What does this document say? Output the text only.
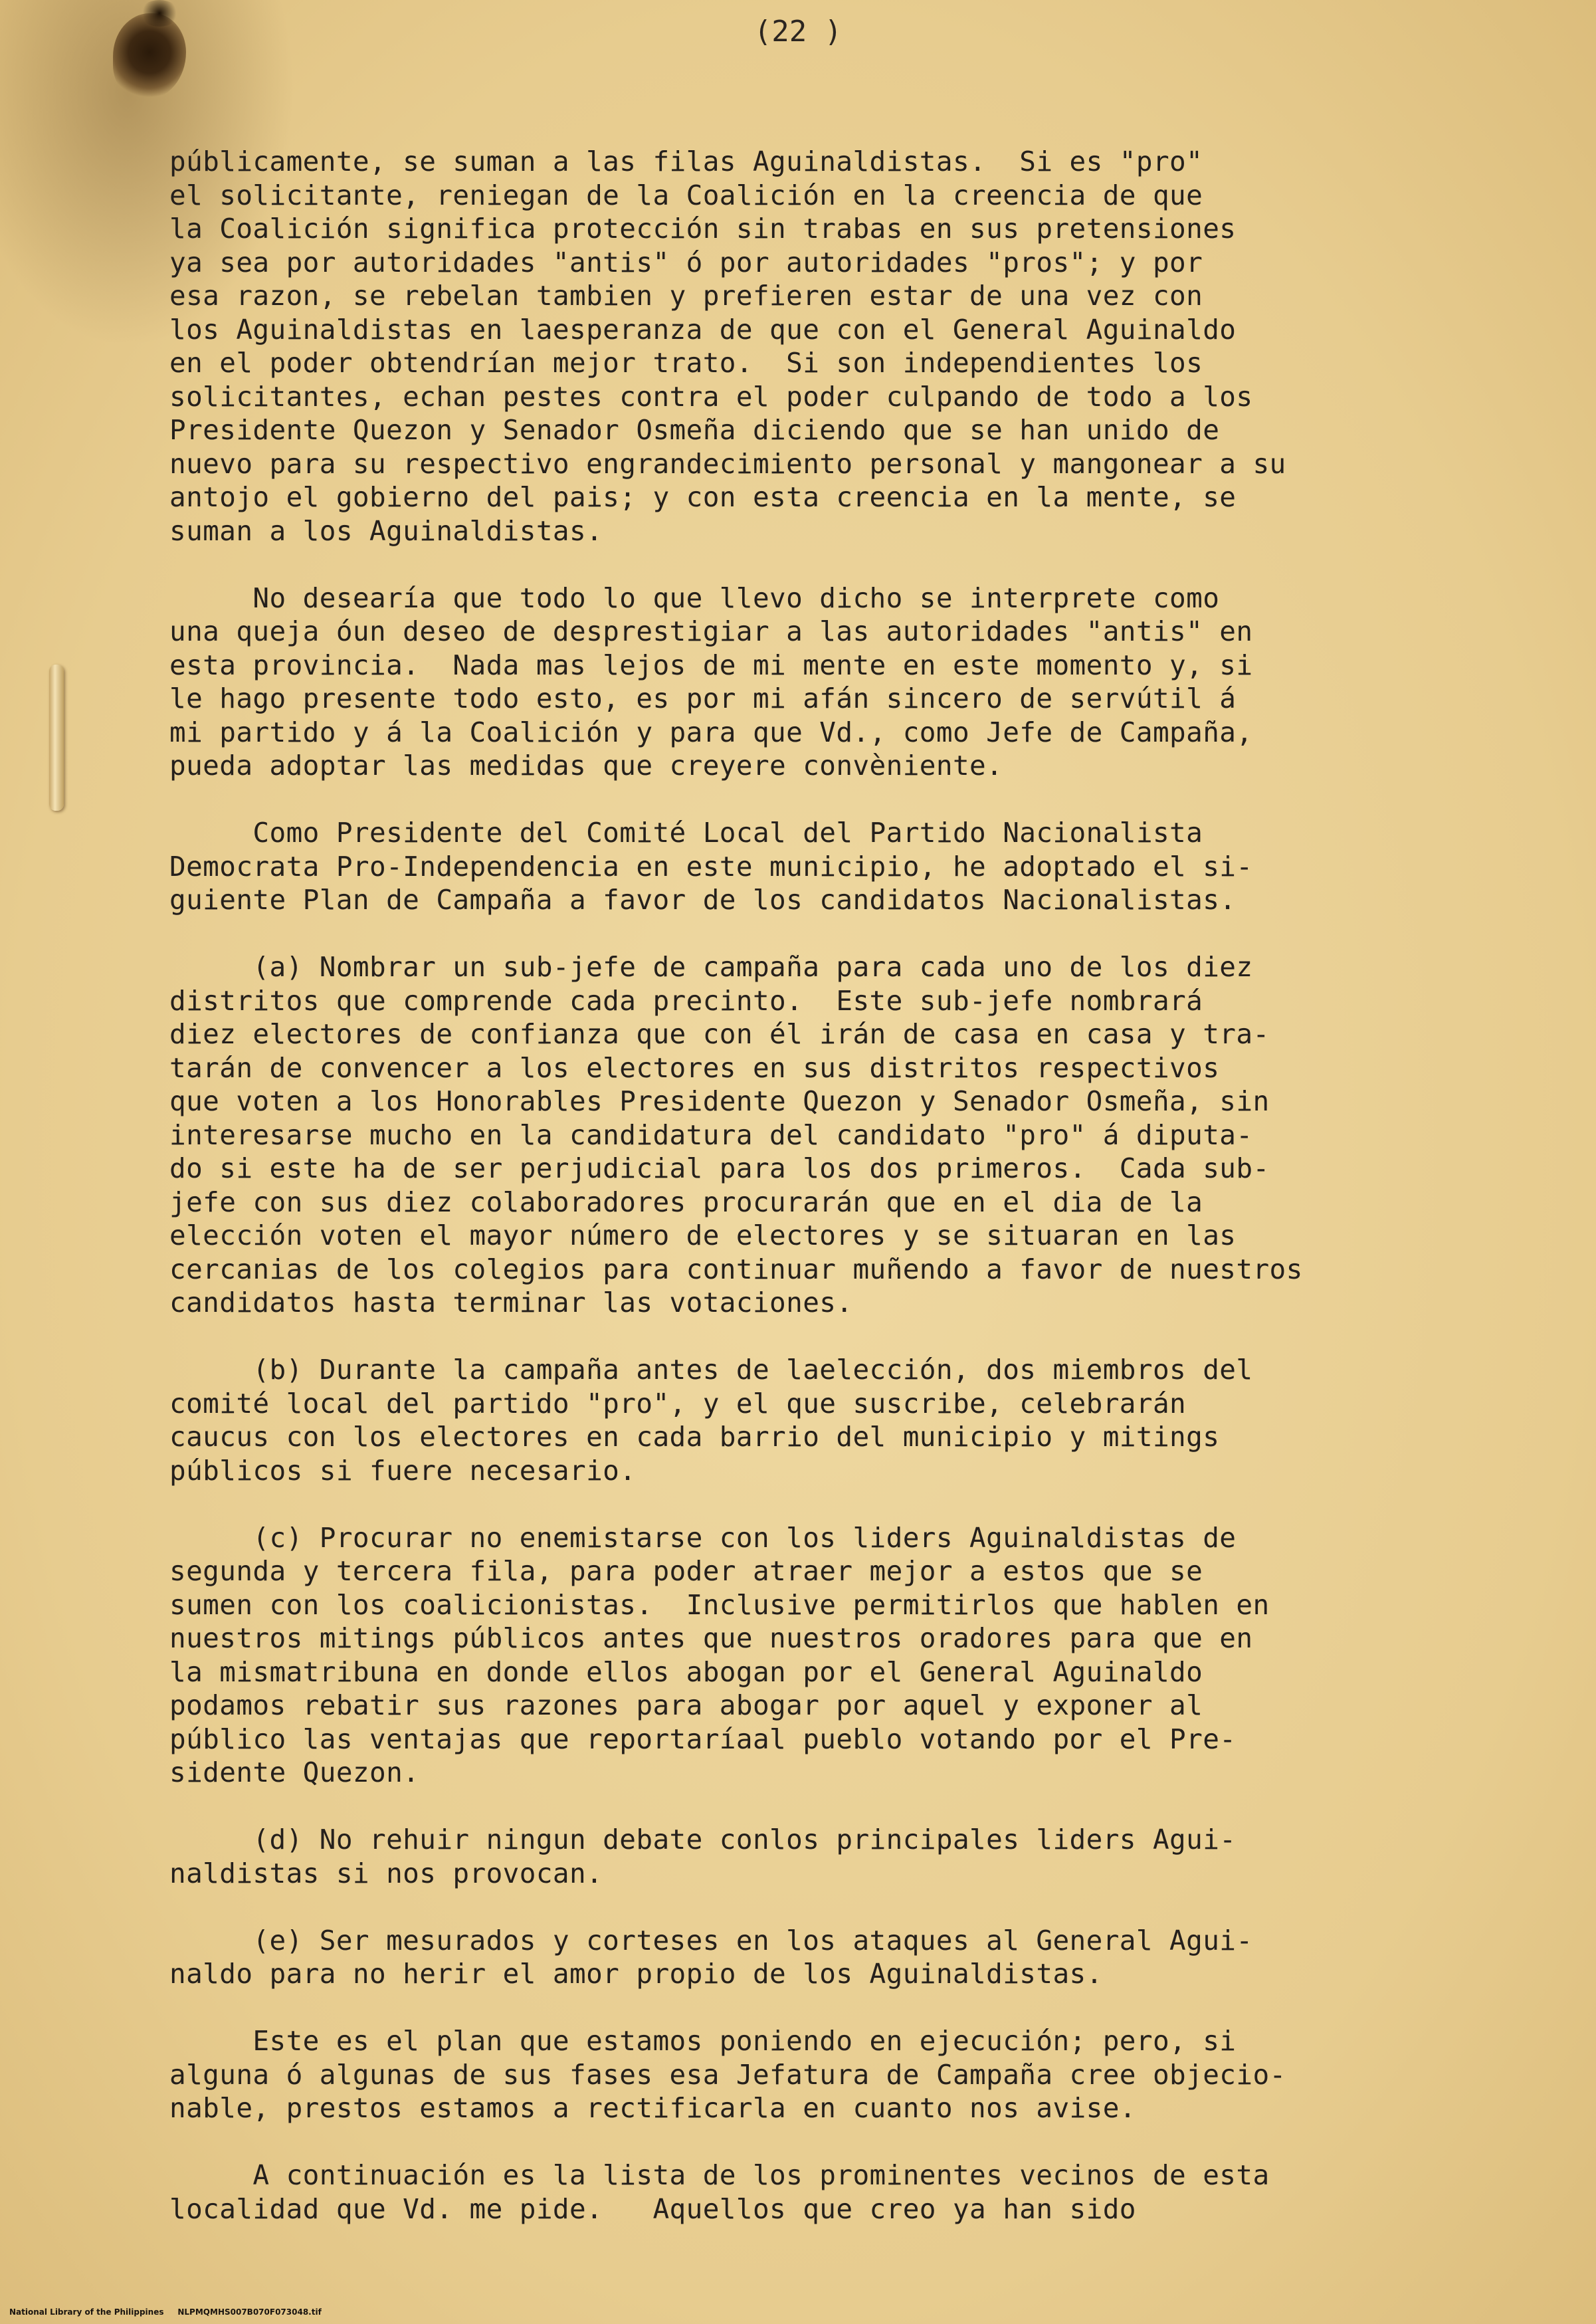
(22 )
públicamente, se suman a las filas Aguinaldistas.  Si es "pro"
el solicitante, reniegan de la Coalición en la creencia de que
la Coalición significa protección sin trabas en sus pretensiones
ya sea por autoridades "antis" ó por autoridades "pros"; y por
esa razon, se rebelan tambien y prefieren estar de una vez con
los Aguinaldistas en laesperanza de que con el General Aguinaldo
en el poder obtendrían mejor trato.  Si son independientes los
solicitantes, echan pestes contra el poder culpando de todo a los
Presidente Quezon y Senador Osmeña diciendo que se han unido de
nuevo para su respectivo engrandecimiento personal y mangonear a su
antojo el gobierno del pais; y con esta creencia en la mente, se
suman a los Aguinaldistas.
No desearía que todo lo que llevo dicho se interprete como
una queja óun deseo de desprestigiar a las autoridades "antis" en
esta provincia.  Nada mas lejos de mi mente en este momento y, si
le hago presente todo esto, es por mi afán sincero de servútil á
mi partido y á la Coalición y para que Vd., como Jefe de Campaña,
pueda adoptar las medidas que creyere convèniente.
Como Presidente del Comité Local del Partido Nacionalista
Democrata Pro-Independencia en este municipio, he adoptado el si-
guiente Plan de Campaña a favor de los candidatos Nacionalistas.
(a) Nombrar un sub-jefe de campaña para cada uno de los diez
distritos que comprende cada precinto.  Este sub-jefe nombrará
diez electores de confianza que con él irán de casa en casa y tra-
tarán de convencer a los electores en sus distritos respectivos
que voten a los Honorables Presidente Quezon y Senador Osmeña, sin
interesarse mucho en la candidatura del candidato "pro" á diputa-
do si este ha de ser perjudicial para los dos primeros.  Cada sub-
jefe con sus diez colaboradores procurarán que en el dia de la
elección voten el mayor número de electores y se situaran en las
cercanias de los colegios para continuar muñendo a favor de nuestros
candidatos hasta terminar las votaciones.
(b) Durante la campaña antes de laelección, dos miembros del
comité local del partido "pro", y el que suscribe, celebrarán
caucus con los electores en cada barrio del municipio y mitings
públicos si fuere necesario.
(c) Procurar no enemistarse con los liders Aguinaldistas de
segunda y tercera fila, para poder atraer mejor a estos que se
sumen con los coalicionistas.  Inclusive permitirlos que hablen en
nuestros mitings públicos antes que nuestros oradores para que en
la mismatribuna en donde ellos abogan por el General Aguinaldo
podamos rebatir sus razones para abogar por aquel y exponer al
público las ventajas que reportaríaal pueblo votando por el Pre-
sidente Quezon.
(d) No rehuir ningun debate conlos principales liders Agui-
naldistas si nos provocan.
(e) Ser mesurados y corteses en los ataques al General Agui-
naldo para no herir el amor propio de los Aguinaldistas.
Este es el plan que estamos poniendo en ejecución; pero, si
alguna ó algunas de sus fases esa Jefatura de Campaña cree objecio-
nable, prestos estamos a rectificarla en cuanto nos avise.
A continuación es la lista de los prominentes vecinos de esta
localidad que Vd. me pide.   Aquellos que creo ya han sido
National Library of the Philippines     NLPMQMHS007B070F073048.tif
